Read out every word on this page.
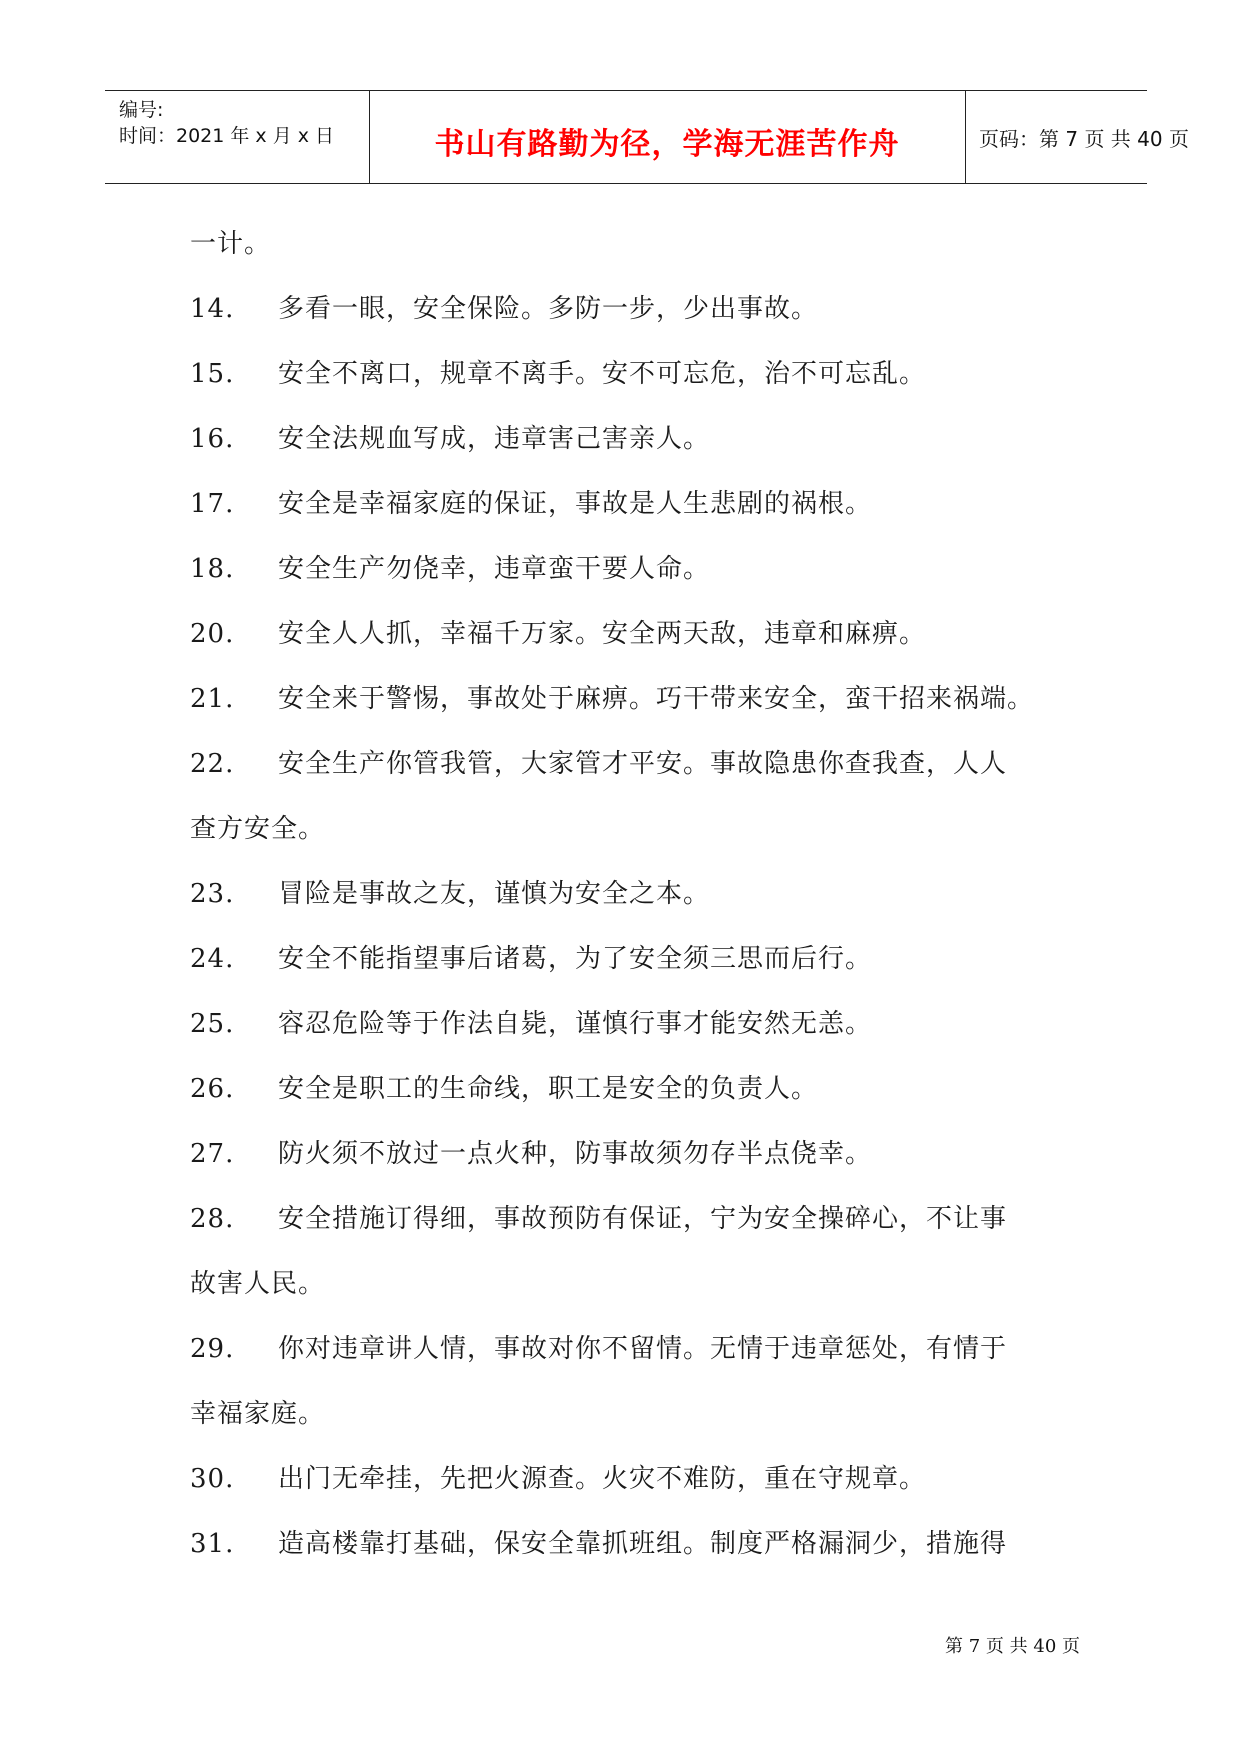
编号:
时间：2021 年 x 月 x 日	书山有路勤为径，学海无涯苦作舟	页码：第 7 页 共 40 页
一计。
14. 多看一眼，安全保险。多防一步，少出事故。
15. 安全不离口，规章不离手。安不可忘危，治不可忘乱。
16. 安全法规血写成，违章害己害亲人。
17. 安全是幸福家庭的保证，事故是人生悲剧的祸根。
18. 安全生产勿侥幸，违章蛮干要人命。
20. 安全人人抓，幸福千万家。安全两天敌，违章和麻痹。
21. 安全来于警惕，事故处于麻痹。巧干带来安全，蛮干招来祸端。
22. 安全生产你管我管，大家管才平安。事故隐患你查我查，人人
查方安全。
23. 冒险是事故之友，谨慎为安全之本。
24. 安全不能指望事后诸葛，为了安全须三思而后行。
25. 容忍危险等于作法自毙，谨慎行事才能安然无恙。
26. 安全是职工的生命线，职工是安全的负责人。
27. 防火须不放过一点火种，防事故须勿存半点侥幸。
28. 安全措施订得细，事故预防有保证，宁为安全操碎心，不让事
故害人民。
29. 你对违章讲人情，事故对你不留情。无情于违章惩处，有情于
幸福家庭。
30. 出门无牵挂，先把火源查。火灾不难防，重在守规章。
31. 造高楼靠打基础，保安全靠抓班组。制度严格漏洞少，措施得
第 7 页 共 40 页
